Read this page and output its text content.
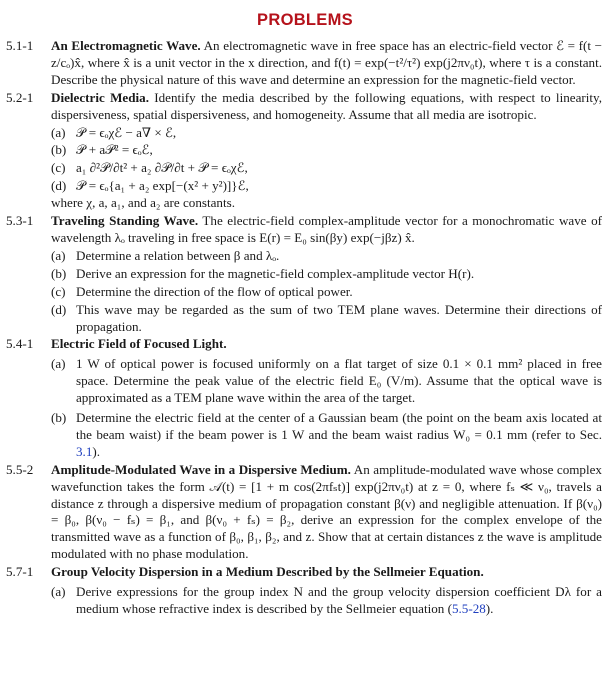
PROBLEMS
5.1-1	An Electromagnetic Wave. An electromagnetic wave in free space has an electric-field vector ℰ = f(t − z/cₒ)x̂, where x̂ is a unit vector in the x direction, and f(t) = exp(−t²/τ²) exp(j2πν₀t), where τ is a constant. Describe the physical nature of this wave and determine an expression for the magnetic-field vector.
5.2-1	Dielectric Media. Identify the media described by the following equations, with respect to linearity, dispersiveness, spatial dispersiveness, and homogeneity. Assume that all media are isotropic.
(a) 𝒫 = ϵₒχℰ − a∇ × ℰ,
(b) 𝒫 + a𝒫² = ϵₒℰ,
(c) a₁ ∂²𝒫/∂t² + a₂ ∂𝒫/∂t + 𝒫 = ϵₒχℰ,
(d) 𝒫 = ϵₒ{a₁ + a₂ exp[−(x² + y²)]}ℰ,
where χ, a, a₁, and a₂ are constants.
5.3-1	Traveling Standing Wave. The electric-field complex-amplitude vector for a monochromatic wave of wavelength λₒ traveling in free space is E(r) = E₀ sin(βy) exp(−jβz) x̂.
(a) Determine a relation between β and λₒ.
(b) Derive an expression for the magnetic-field complex-amplitude vector H(r).
(c) Determine the direction of the flow of optical power.
(d) This wave may be regarded as the sum of two TEM plane waves. Determine their directions of propagation.
5.4-1	Electric Field of Focused Light.
(a) 1 W of optical power is focused uniformly on a flat target of size 0.1 × 0.1 mm² placed in free space. Determine the peak value of the electric field E₀ (V/m). Assume that the optical wave is approximated as a TEM plane wave within the area of the target.
(b) Determine the electric field at the center of a Gaussian beam (the point on the beam axis located at the beam waist) if the beam power is 1 W and the beam waist radius W₀ = 0.1 mm (refer to Sec. 3.1).
5.5-2	Amplitude-Modulated Wave in a Dispersive Medium. An amplitude-modulated wave whose complex wavefunction takes the form 𝒜(t) = [1 + m cos(2πfₛt)] exp(j2πν₀t) at z = 0, where fₛ ≪ ν₀, travels a distance z through a dispersive medium of propagation constant β(ν) and negligible attenuation. If β(ν₀) = β₀, β(ν₀ − fₛ) = β₁, and β(ν₀ + fₛ) = β₂, derive an expression for the complex envelope of the transmitted wave as a function of β₀, β₁, β₂, and z. Show that at certain distances z the wave is amplitude modulated with no phase modulation.
5.7-1	Group Velocity Dispersion in a Medium Described by the Sellmeier Equation.
(a) Derive expressions for the group index N and the group velocity dispersion coefficient Dλ for a medium whose refractive index is described by the Sellmeier equation (5.5-28).
